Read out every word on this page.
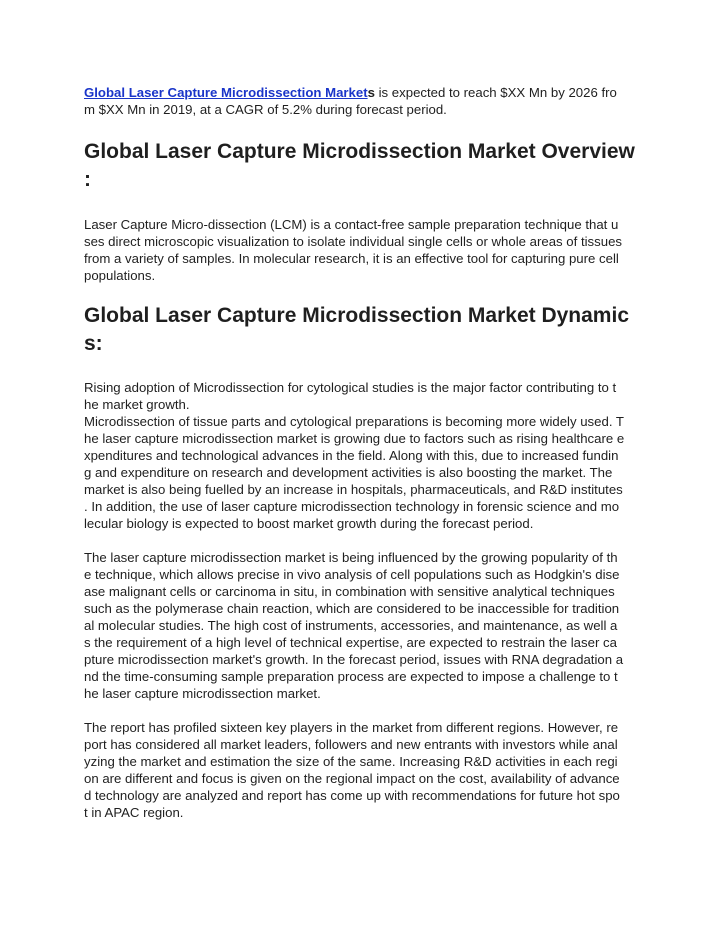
Global Laser Capture Microdissection Markets is expected to reach $XX Mn by 2026 fro
m $XX Mn in 2019, at a CAGR of 5.2% during forecast period.
Global Laser Capture Microdissection Market Overview
:
Laser Capture Micro-dissection (LCM) is a contact-free sample preparation technique that u
ses direct microscopic visualization to isolate individual single cells or whole areas of tissues
from a variety of samples. In molecular research, it is an effective tool for capturing pure cell
populations.
Global Laser Capture Microdissection Market Dynamic
s:
Rising adoption of Microdissection for cytological studies is the major factor contributing to t
he market growth.
Microdissection of tissue parts and cytological preparations is becoming more widely used. T
he laser capture microdissection market is growing due to factors such as rising healthcare e
xpenditures and technological advances in the field. Along with this, due to increased fundin
g and expenditure on research and development activities is also boosting the market. The
market is also being fuelled by an increase in hospitals, pharmaceuticals, and R&D institutes
. In addition, the use of laser capture microdissection technology in forensic science and mo
lecular biology is expected to boost market growth during the forecast period.
The laser capture microdissection market is being influenced by the growing popularity of th
e technique, which allows precise in vivo analysis of cell populations such as Hodgkin's dise
ase malignant cells or carcinoma in situ, in combination with sensitive analytical techniques
such as the polymerase chain reaction, which are considered to be inaccessible for tradition
al molecular studies. The high cost of instruments, accessories, and maintenance, as well a
s the requirement of a high level of technical expertise, are expected to restrain the laser ca
pture microdissection market's growth. In the forecast period, issues with RNA degradation a
nd the time-consuming sample preparation process are expected to impose a challenge to t
he laser capture microdissection market.
The report has profiled sixteen key players in the market from different regions. However, re
port has considered all market leaders, followers and new entrants with investors while anal
yzing the market and estimation the size of the same. Increasing R&D activities in each regi
on are different and focus is given on the regional impact on the cost, availability of advance
d technology are analyzed and report has come up with recommendations for future hot spo
t in APAC region.
